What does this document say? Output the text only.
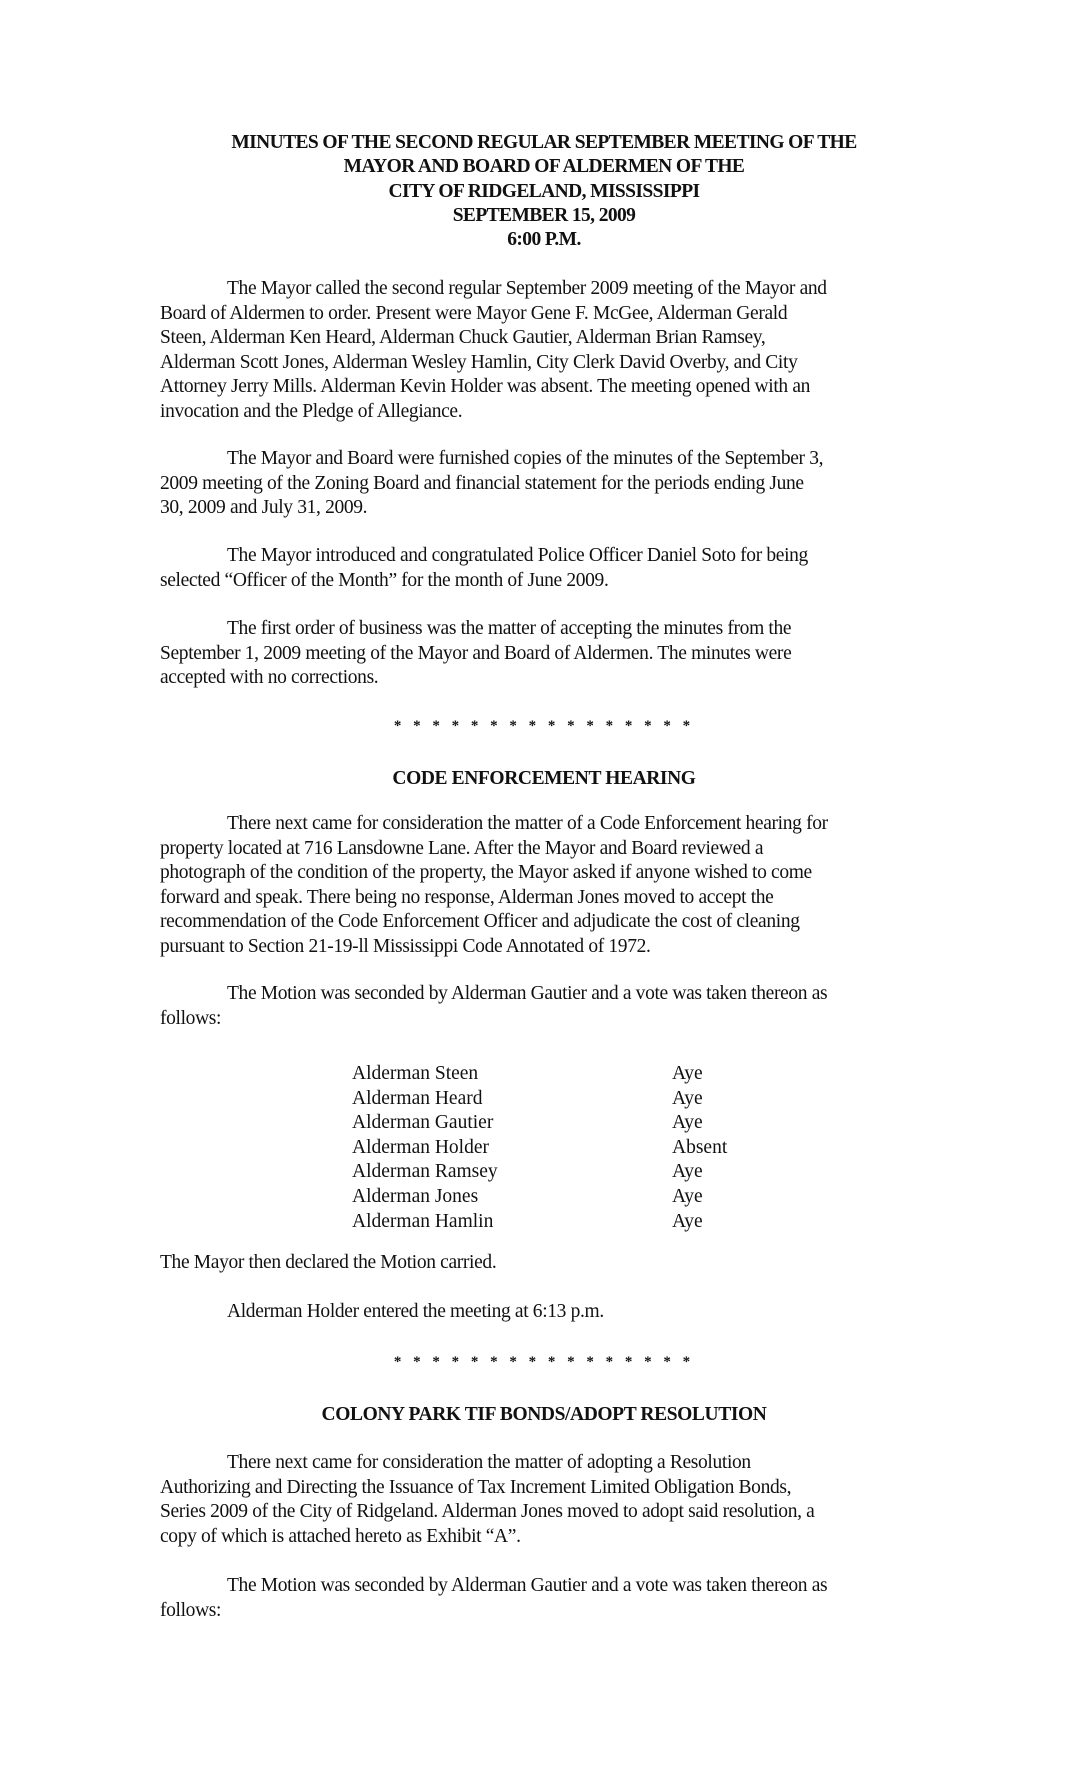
MINUTES OF THE SECOND REGULAR SEPTEMBER MEETING OF THE
MAYOR AND BOARD OF ALDERMEN OF THE
CITY OF RIDGELAND, MISSISSIPPI
SEPTEMBER 15, 2009
6:00 P.M.
The Mayor called the second regular September 2009 meeting of the Mayor and
Board of Aldermen to order. Present were Mayor Gene F. McGee, Alderman Gerald
Steen, Alderman Ken Heard, Alderman Chuck Gautier, Alderman Brian Ramsey,
Alderman Scott Jones, Alderman Wesley Hamlin, City Clerk David Overby, and City
Attorney Jerry Mills. Alderman Kevin Holder was absent. The meeting opened with an
invocation and the Pledge of Allegiance.
The Mayor and Board were furnished copies of the minutes of the September 3,
2009 meeting of the Zoning Board and financial statement for the periods ending June
30, 2009 and July 31, 2009.
The Mayor introduced and congratulated Police Officer Daniel Soto for being
selected “Officer of the Month” for the month of June 2009.
The first order of business was the matter of accepting the minutes from the
September 1, 2009 meeting of the Mayor and Board of Aldermen. The minutes were
accepted with no corrections.
* * * * * * * * * * * * * * * *
CODE ENFORCEMENT HEARING
There next came for consideration the matter of a Code Enforcement hearing for
property located at 716 Lansdowne Lane. After the Mayor and Board reviewed a
photograph of the condition of the property, the Mayor asked if anyone wished to come
forward and speak. There being no response, Alderman Jones moved to accept the
recommendation of the Code Enforcement Officer and adjudicate the cost of cleaning
pursuant to Section 21-19-ll Mississippi Code Annotated of 1972.
The Motion was seconded by Alderman Gautier and a vote was taken thereon as
follows:
Alderman Steen	Aye
Alderman Heard	Aye
Alderman Gautier	Aye
Alderman Holder	Absent
Alderman Ramsey	Aye
Alderman Jones	Aye
Alderman Hamlin	Aye
The Mayor then declared the Motion carried.
Alderman Holder entered the meeting at 6:13 p.m.
* * * * * * * * * * * * * * * *
COLONY PARK TIF BONDS/ADOPT RESOLUTION
There next came for consideration the matter of adopting a Resolution
Authorizing and Directing the Issuance of Tax Increment Limited Obligation Bonds,
Series 2009 of the City of Ridgeland. Alderman Jones moved to adopt said resolution, a
copy of which is attached hereto as Exhibit “A”.
The Motion was seconded by Alderman Gautier and a vote was taken thereon as
follows:
